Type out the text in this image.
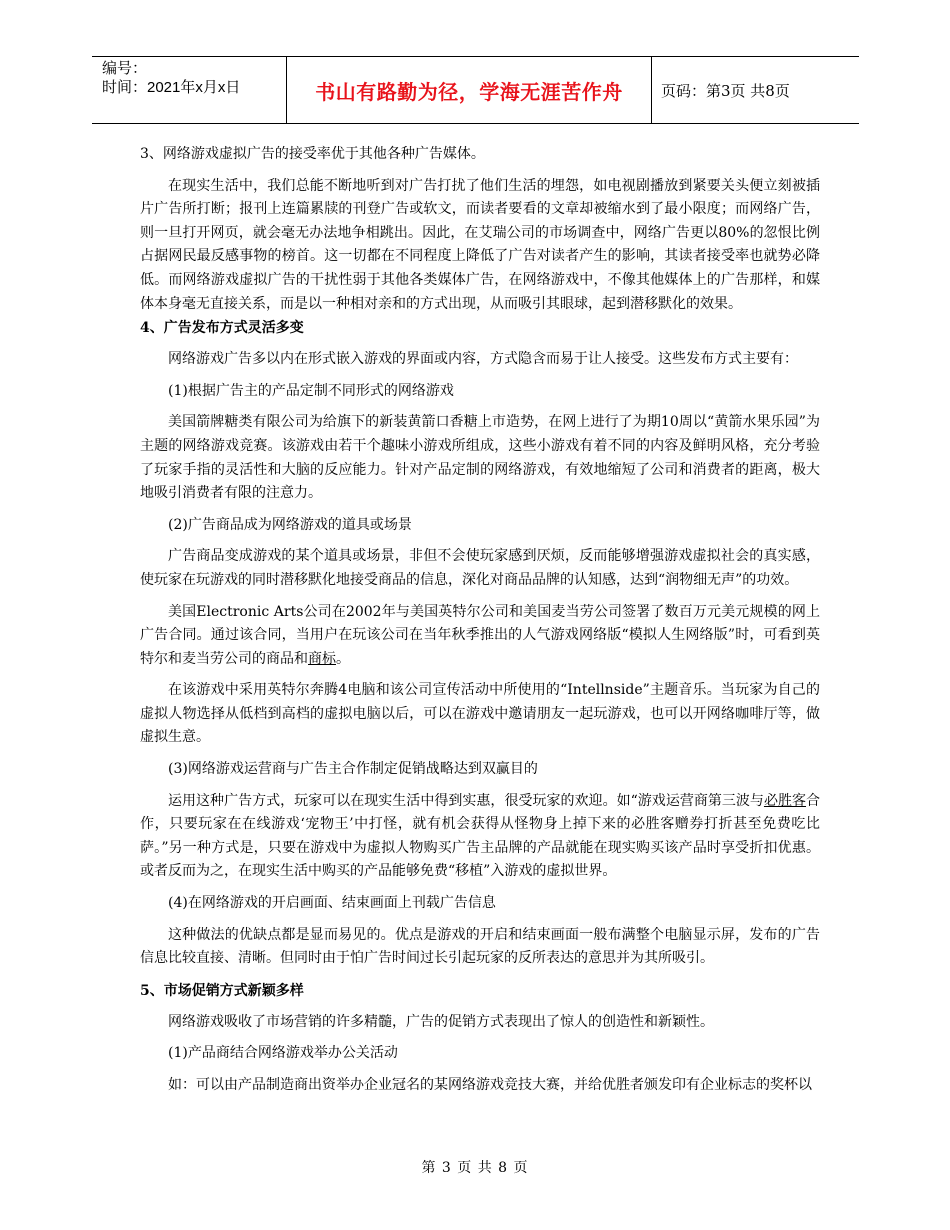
编号：
时间：2021年x月x日	书山有路勤为径，学海无涯苦作舟	页码：第3页 共8页

3、网络游戏虚拟广告的接受率优于其他各种广告媒体。

在现实生活中，我们总能不断地听到对广告打扰了他们生活的埋怨，如电视剧播放到紧要关头便立刻被插片广告所打断；报刊上连篇累牍的刊登广告或软文，而读者要看的文章却被缩水到了最小限度；而网络广告，则一旦打开网页，就会毫无办法地争相跳出。因此，在艾瑞公司的市场调查中，网络广告更以80%的忽恨比例占据网民最反感事物的榜首。这一切都在不同程度上降低了广告对读者产生的影响，其读者接受率也就势必降低。而网络游戏虚拟广告的干扰性弱于其他各类媒体广告，在网络游戏中，不像其他媒体上的广告那样，和媒体本身毫无直接关系，而是以一种相对亲和的方式出现，从而吸引其眼球，起到潜移默化的效果。

4、广告发布方式灵活多变

网络游戏广告多以内在形式嵌入游戏的界面或内容，方式隐含而易于让人接受。这些发布方式主要有：

(1)根据广告主的产品定制不同形式的网络游戏

美国箭牌糖类有限公司为给旗下的新装黄箭口香糖上市造势，在网上进行了为期10周以“黄箭水果乐园”为主题的网络游戏竞赛。该游戏由若干个趣味小游戏所组成，这些小游戏有着不同的内容及鲜明风格，充分考验了玩家手指的灵活性和大脑的反应能力。针对产品定制的网络游戏，有效地缩短了公司和消费者的距离，极大地吸引消费者有限的注意力。

(2)广告商品成为网络游戏的道具或场景

广告商品变成游戏的某个道具或场景，非但不会使玩家感到厌烦，反而能够增强游戏虚拟社会的真实感，使玩家在玩游戏的同时潜移默化地接受商品的信息，深化对商品品牌的认知感，达到“润物细无声”的功效。

美国Electronic Arts公司在2002年与美国英特尔公司和美国麦当劳公司签署了数百万元美元规模的网上广告合同。通过该合同，当用户在玩该公司在当年秋季推出的人气游戏网络版“模拟人生网络版”时，可看到英特尔和麦当劳公司的商品和商标。

在该游戏中采用英特尔奔腾4电脑和该公司宣传活动中所使用的“Intellnside”主题音乐。当玩家为自己的虚拟人物选择从低档到高档的虚拟电脑以后，可以在游戏中邀请朋友一起玩游戏，也可以开网络咖啡厅等，做虚拟生意。

(3)网络游戏运营商与广告主合作制定促销战略达到双赢目的

运用这种广告方式，玩家可以在现实生活中得到实惠，很受玩家的欢迎。如“游戏运营商第三波与必胜客合作，只要玩家在在线游戏‘宠物王’中打怪，就有机会获得从怪物身上掉下来的必胜客赠券打折甚至免费吃比萨。”另一种方式是，只要在游戏中为虚拟人物购买广告主品牌的产品就能在现实购买该产品时享受折扣优惠。或者反而为之，在现实生活中购买的产品能够免费“移植”入游戏的虚拟世界。

(4)在网络游戏的开启画面、结束画面上刊载广告信息

这种做法的优缺点都是显而易见的。优点是游戏的开启和结束画面一般布满整个电脑显示屏，发布的广告信息比较直接、清晰。但同时由于怕广告时间过长引起玩家的反所表达的意思并为其所吸引。

5、市场促销方式新颖多样

网络游戏吸收了市场营销的许多精髓，广告的促销方式表现出了惊人的创造性和新颖性。

(1)产品商结合网络游戏举办公关活动

如：可以由产品制造商出资举办企业冠名的某网络游戏竞技大赛，并给优胜者颁发印有企业标志的奖杯以

第 3 页 共 8 页
